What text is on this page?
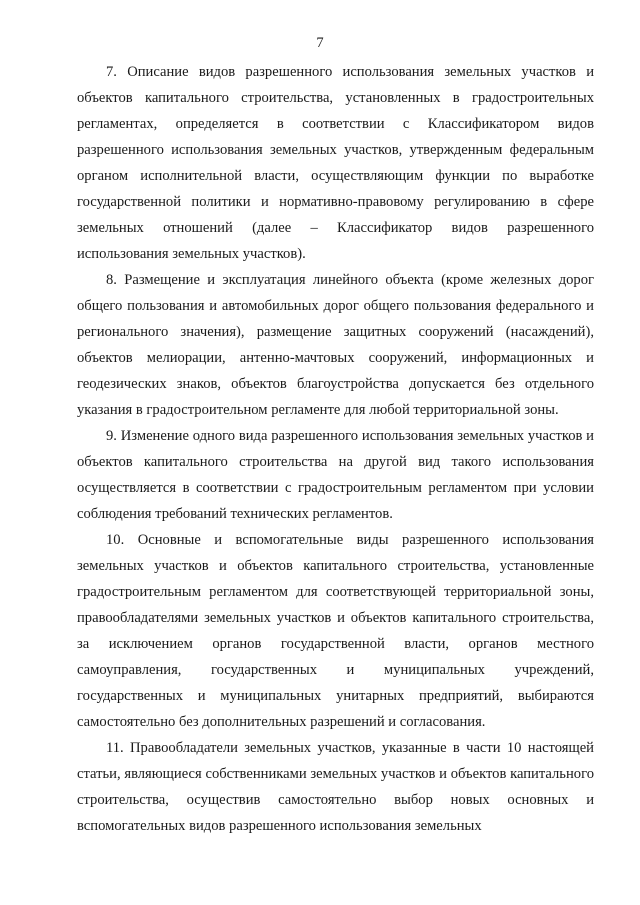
7

7. Описание видов разрешенного использования земельных участков и объектов капитального строительства, установленных в градостроительных регламентах, определяется в соответствии с Классификатором видов разрешенного использования земельных участков, утвержденным федеральным органом исполнительной власти, осуществляющим функции по выработке государственной политики и нормативно-правовому регулированию в сфере земельных отношений (далее – Классификатор видов разрешенного использования земельных участков).

8. Размещение и эксплуатация линейного объекта (кроме железных дорог общего пользования и автомобильных дорог общего пользования федерального и регионального значения), размещение защитных сооружений (насаждений), объектов мелиорации, антенно-мачтовых сооружений, информационных и геодезических знаков, объектов благоустройства допускается без отдельного указания в градостроительном регламенте для любой территориальной зоны.

9. Изменение одного вида разрешенного использования земельных участков и объектов капитального строительства на другой вид такого использования осуществляется в соответствии с градостроительным регламентом при условии соблюдения требований технических регламентов.

10. Основные и вспомогательные виды разрешенного использования земельных участков и объектов капитального строительства, установленные градостроительным регламентом для соответствующей территориальной зоны, правообладателями земельных участков и объектов капитального строительства, за исключением органов государственной власти, органов местного самоуправления, государственных и муниципальных учреждений, государственных и муниципальных унитарных предприятий, выбираются самостоятельно без дополнительных разрешений и согласования.

11. Правообладатели земельных участков, указанные в части 10 настоящей статьи, являющиеся собственниками земельных участков и объектов капитального строительства, осуществив самостоятельно выбор новых основных и вспомогательных видов разрешенного использования земельных
